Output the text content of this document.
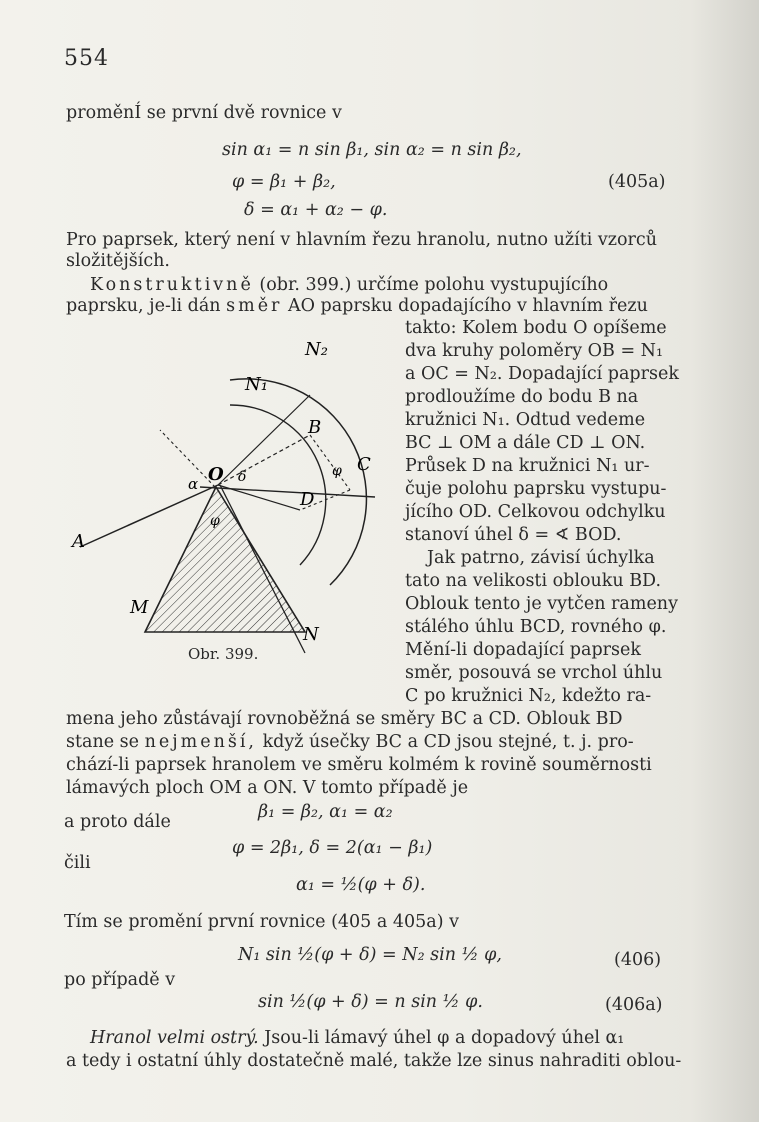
554
proměnÍ se první dvě rovnice v
sin α₁ = n sin β₁, sin α₂ = n sin β₂,
φ = β₁ + β₂,	(405a)
δ = α₁ + α₂ − φ.
Pro paprsek, který není v hlavním řezu hranolu, nutno užíti vzorců
složitějších.
Konstruktivně (obr. 399.) určíme polohu vystupujícího
paprsku, je-li dán směr AO paprsku dopadajícího v hlavním řezu
takto: Kolem bodu O opíšeme
dva kruhy poloměry OB = N₁
a OC = N₂. Dopadající paprsek
prodloužíme do bodu B na
kružnici N₁. Odtud vedeme
BC ⊥ OM a dále CD ⊥ ON.
Průsek D na kružnici N₁ ur-
čuje polohu paprsku vystupu-
jícího OD. Celkovou odchylku
stanoví úhel δ = ∢ BOD.
Jak patrno, závisí úchylka
tato na velikosti oblouku BD.
Oblouk tento je vytčen rameny
stálého úhlu BCD, rovného φ.
Mění-li dopadající paprsek
směr, posouvá se vrchol úhlu
C po kružnici N₂, kdežto ra-
mena jeho zůstávají rovnoběžná se směry BC a CD. Oblouk BD
stane se nejmenší, když úsečky BC a CD jsou stejné, t. j. pro-
chází-li paprsek hranolem ve směru kolmém k rovině souměrnosti
lámavých ploch OM a ON. V tomto případě je
β₁ = β₂, α₁ = α₂
a proto dále
φ = 2β₁, δ = 2(α₁ − β₁)
čili
α₁ = ½(φ + δ).
Tím se promění první rovnice (405 a 405a) v
N₁ sin ½(φ + δ) = N₂ sin ½ φ,	(406)
po případě v
sin ½(φ + δ) = n sin ½ φ.	(406a)
Hranol velmi ostrý. Jsou-li lámavý úhel φ a dopadový úhel α₁
a tedy i ostatní úhly dostatečně malé, takže lze sinus nahraditi oblou-
N₁
N₂
B
C
D
O
A
M
N
α	δ	φ
φ
Obr. 399.
